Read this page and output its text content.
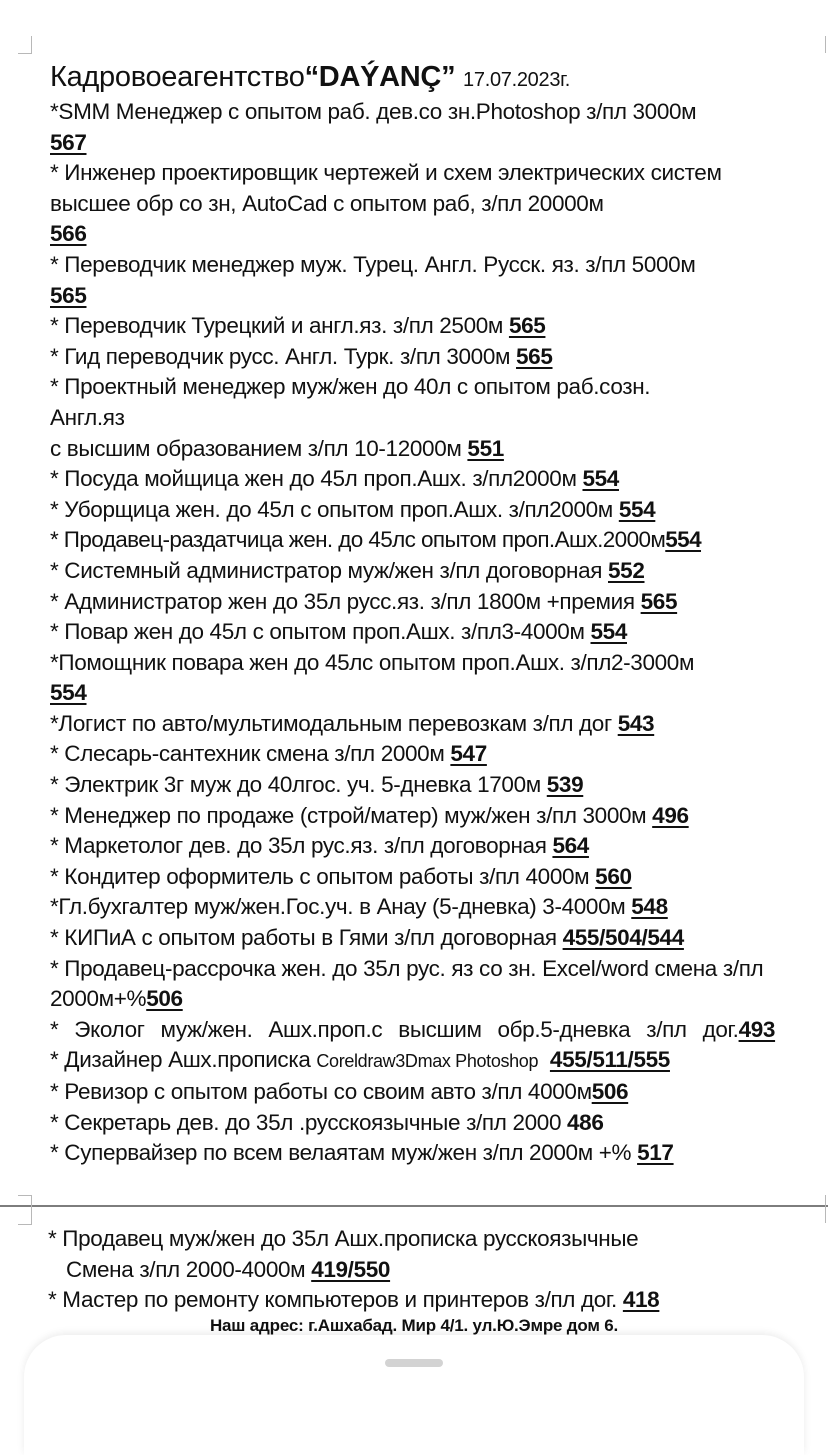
Кадровоеагентство“DAÝANÇ” 17.07.2023г.
*SMM Менеджер с опытом раб. дев.со зн.Photoshop з/пл 3000м
567
* Инженер проектировщик чертежей и схем электрических систем высшее обр со зн, AutoCad с опытом раб, з/пл 20000м
566
* Переводчик менеджер муж. Турец. Англ. Русск. яз. з/пл 5000м
565
* Переводчик Турецкий и англ.яз. з/пл 2500м 565
* Гид переводчик русс. Англ. Турк. з/пл 3000м 565
* Проектный менеджер муж/жен до 40л с опытом раб.созн.
Англ.яз
с высшим образованием з/пл 10-12000м 551
* Посуда мойщица жен до 45л проп.Ашх. з/пл2000м 554
* Уборщица жен. до 45л с опытом проп.Ашх. з/пл2000м 554
* Продавец-раздатчица жен. до 45лс опытом проп.Ашх.2000м554
* Системный администратор муж/жен з/пл договорная 552
* Администратор жен до 35л русс.яз. з/пл 1800м +премия 565
* Повар жен до 45л с опытом проп.Ашх. з/пл3-4000м 554
*Помощник повара жен до 45лс опытом проп.Ашх. з/пл2-3000м
554
*Логист по авто/мультимодальным перевозкам з/пл дог 543
* Слесарь-сантехник смена з/пл 2000м 547
* Электрик 3г муж до 40лгос. уч. 5-дневка 1700м 539
* Менеджер по продаже (строй/матер) муж/жен з/пл 3000м 496
* Маркетолог дев. до 35л рус.яз. з/пл договорная 564
* Кондитер оформитель с опытом работы з/пл 4000м 560
*Гл.бухгалтер муж/жен.Гос.уч. в Анау (5-дневка) 3-4000м 548
* КИПиА с опытом работы в Гями з/пл договорная 455/504/544
* Продавец-рассрочка жен. до 35л рус. яз со зн. Excel/word смена з/пл 2000м+%506
* Эколог муж/жен. Ашх.проп.с высшим обр.5-дневка з/пл дог.493
* Дизайнер Ашх.прописка Coreldraw3Dmax Photoshop 455/511/555
* Ревизор с опытом работы со своим авто з/пл 4000м506
* Секретарь дев. до 35л .русскоязычные з/пл 2000 486
* Супервайзер по всем велаятам муж/жен з/пл 2000м +% 517
* Продавец муж/жен до 35л Ашх.прописка русскоязычные
Смена з/пл 2000-4000м 419/550
* Мастер по ремонту компьютеров и принтеров з/пл дог. 418
Наш адрес: г.Ашхабад. Мир 4/1. ул.Ю.Эмре дом 6.
